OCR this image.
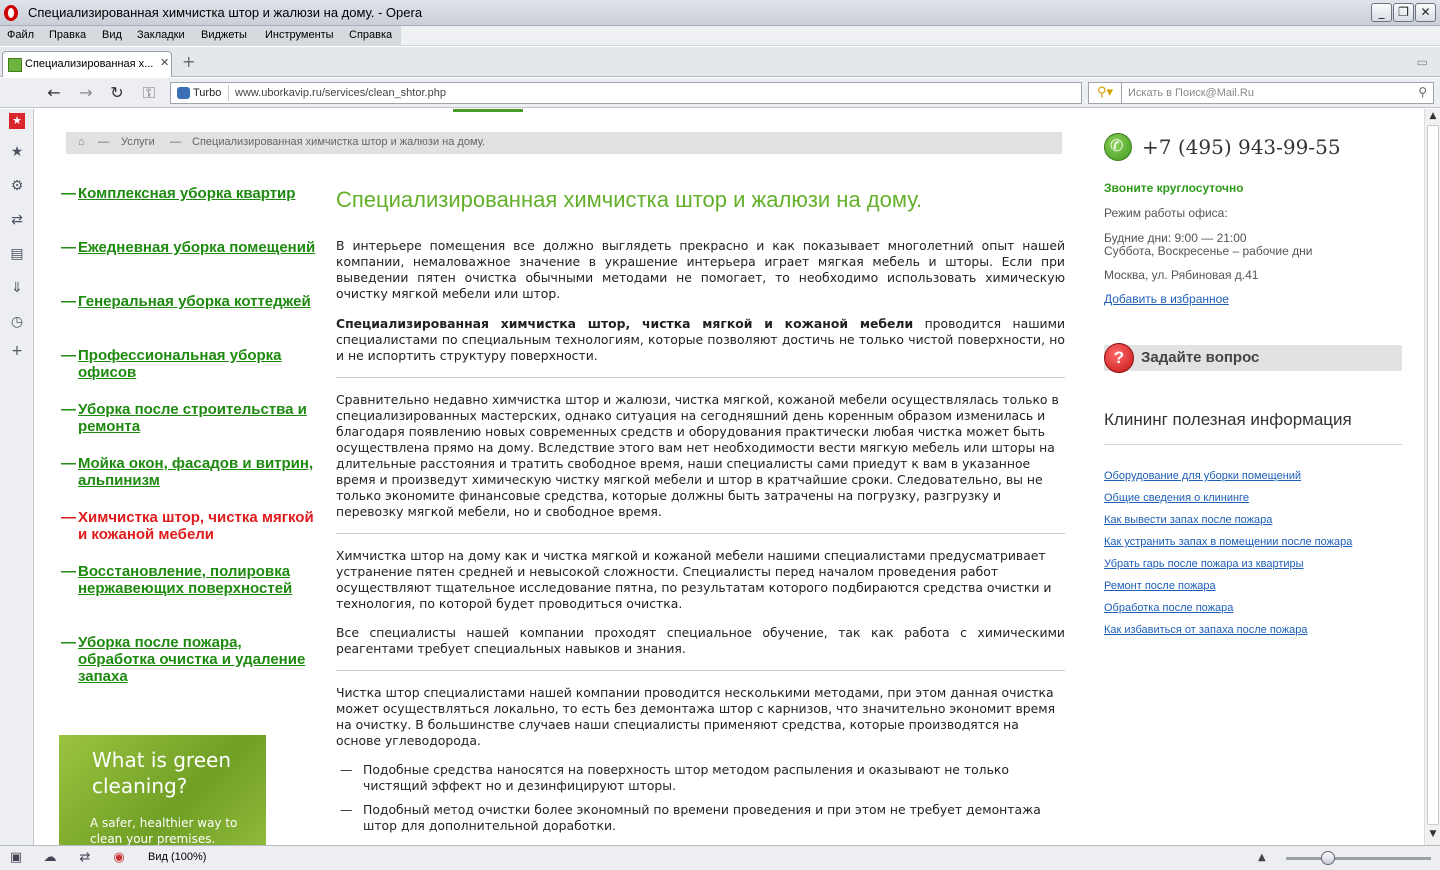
Специализированная химчистка штор и жалюзи на дому. - Opera	_	❐ ✕
Файл Правка Вид Закладки Виджеты Инструменты Справка
Специализированная х... ✕ +	▭
← → ↻	⚿	Turbo	www.uborkavip.ru/services/clean_shtor.php	⚲▾
Искать в Поиск@Mail.Ru	⚲
★
★
⚙
⇄
▤
⇓
◷
+
⌂ — Услуги — Специализированная химчистка штор и жалюзи на дому.
— Комплексная уборка квартир
— Ежедневная уборка помещений
— Генеральная уборка коттеджей
— Профессиональная уборка офисов
— Уборка после строительства и ремонта
— Мойка окон, фасадов и витрин, альпинизм
— Химчистка штор, чистка мягкой и кожаной мебели
— Восстановление, полировка нержавеющих поверхностей
— Уборка после пожара, обработка очистка и удаление запаха
What is green cleaning?
A safer, healthier way to clean your premises.
Специализированная химчистка штор и жалюзи на дому.
В интерьере помещения все должно выглядеть прекрасно и как показывает многолетний опыт нашей компании, немаловажное значение в украшение интерьера играет мягкая мебель и шторы. Если при выведении пятен очистка обычными методами не помогает, то необходимо использовать химическую очистку мягкой мебели или штор.
Специализированная химчистка штор, чистка мягкой и кожаной мебели проводится нашими специалистами по специальным технологиям, которые позволяют достичь не только чистой поверхности, но и не испортить структуру поверхности.
Сравнительно недавно химчистка штор и жалюзи, чистка мягкой, кожаной мебели осуществлялась только в специализированных мастерских, однако ситуация на сегодняшний день коренным образом изменилась и благодаря появлению новых современных средств и оборудования практически любая чистка может быть осуществлена прямо на дому. Вследствие этого вам нет необходимости вести мягкую мебель или шторы на длительные расстояния и тратить свободное время, наши специалисты сами приедут к вам в указанное время и произведут химическую чистку мягкой мебели и штор в кратчайшие сроки. Следовательно, вы не только экономите финансовые средства, которые должны быть затрачены на погрузку, разгрузку и перевозку мягкой мебели, но и свободное время.
Химчистка штор на дому как и чистка мягкой и кожаной мебели нашими специалистами предусматривает устранение пятен средней и невысокой сложности. Специалисты перед началом проведения работ осуществляют тщательное исследование пятна, по результатам которого подбираются средства очистки и технология, по которой будет проводиться очистка.
Все специалисты нашей компании проходят специальное обучение, так как работа с химическими реагентами требует специальных навыков и знания.
Чистка штор специалистами нашей компании проводится несколькими методами, при этом данная очистка может осуществляться локально, то есть без демонтажа штор с карнизов, что значительно экономит время на очистку. В большинстве случаев наши специалисты применяют средства, которые производятся на основе углеводорода.
— Подобные средства наносятся на поверхность штор методом распыления и оказывают не только чистящий эффект но и дезинфицируют шторы.
— Подобный метод очистки более экономный по времени проведения и при этом не требует демонтажа штор для дополнительной доработки.
✆
+7 (495) 943-99-55
Звоните круглосуточно
Режим работы офиса:
Будние дни: 9:00 — 21:00
Суббота, Воскресенье – рабочие дни
Москва, ул. Рябиновая д.41
Добавить в избранное
?	Задайте вопрос
Клининг полезная информация
Оборудование для уборки помещений
Общие сведения о клининге
Как вывести запах после пожара
Как устранить запах в помещении после пожара
Убрать гарь после пожара из квартиры
Ремонт после пожара
Обработка после пожара
Как избавиться от запаха после пожара
▲
▼
▣ ☁ ⇄ ◉ Вид (100%)	▲
